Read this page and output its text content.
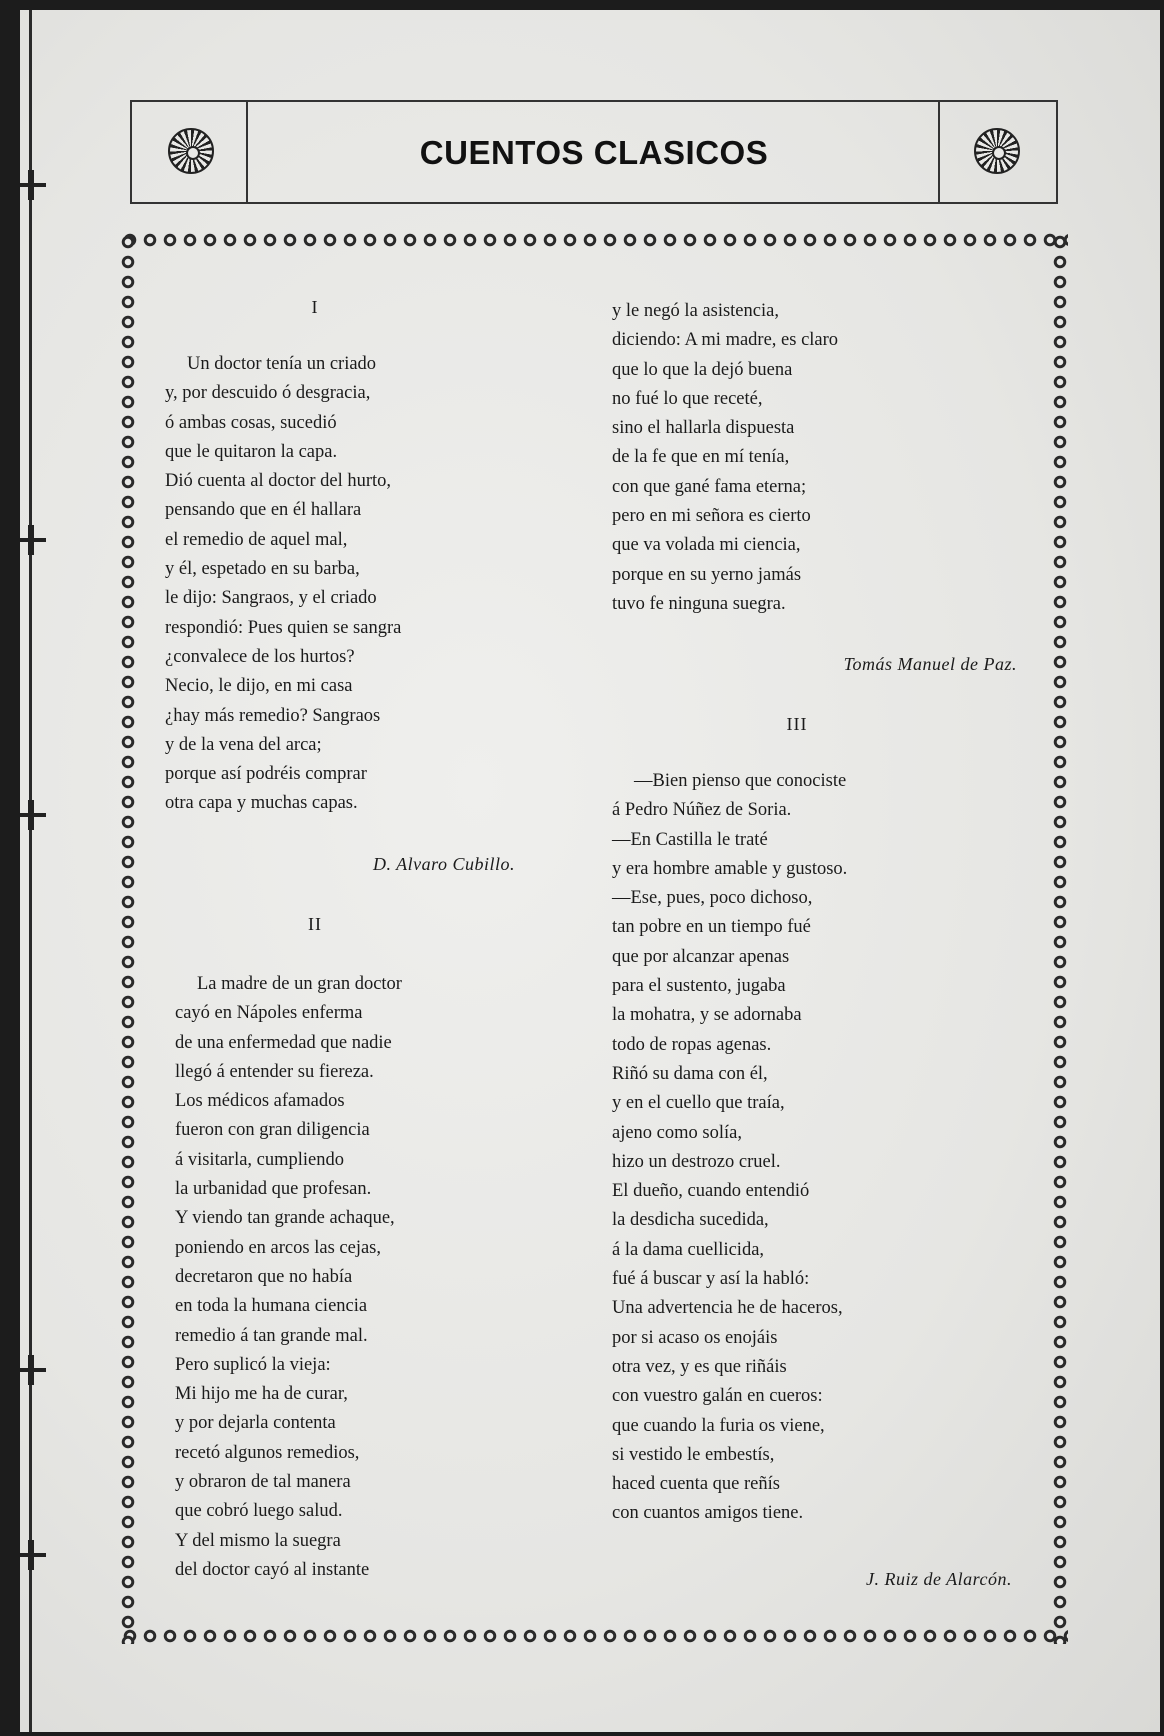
CUENTOS CLASICOS
I
Un doctor tenía un criado
y, por descuido ó desgracia,
ó ambas cosas, sucedió
que le quitaron la capa.
Dió cuenta al doctor del hurto,
pensando que en él hallara
el remedio de aquel mal,
y él, espetado en su barba,
le dijo: Sangraos, y el criado
respondió: Pues quien se sangra
¿convalece de los hurtos?
Necio, le dijo, en mi casa
¿hay más remedio? Sangraos
y de la vena del arca;
porque así podréis comprar
otra capa y muchas capas.
D. Alvaro Cubillo.
II
La madre de un gran doctor
cayó en Nápoles enferma
de una enfermedad que nadie
llegó á entender su fiereza.
Los médicos afamados
fueron con gran diligencia
á visitarla, cumpliendo
la urbanidad que profesan.
Y viendo tan grande achaque,
poniendo en arcos las cejas,
decretaron que no había
en toda la humana ciencia
remedio á tan grande mal.
Pero suplicó la vieja:
Mi hijo me ha de curar,
y por dejarla contenta
recetó algunos remedios,
y obraron de tal manera
que cobró luego salud.
Y del mismo la suegra
del doctor cayó al instante
y le negó la asistencia,
diciendo: A mi madre, es claro
que lo que la dejó buena
no fué lo que receté,
sino el hallarla dispuesta
de la fe que en mí tenía,
con que gané fama eterna;
pero en mi señora es cierto
que va volada mi ciencia,
porque en su yerno jamás
tuvo fe ninguna suegra.
Tomás Manuel de Paz.
III
—Bien pienso que conociste
á Pedro Núñez de Soria.
—En Castilla le traté
y era hombre amable y gustoso.
—Ese, pues, poco dichoso,
tan pobre en un tiempo fué
que por alcanzar apenas
para el sustento, jugaba
la mohatra, y se adornaba
todo de ropas agenas.
Riñó su dama con él,
y en el cuello que traía,
ajeno como solía,
hizo un destrozo cruel.
El dueño, cuando entendió
la desdicha sucedida,
á la dama cuellicida,
fué á buscar y así la habló:
Una advertencia he de haceros,
por si acaso os enojáis
otra vez, y es que riñáis
con vuestro galán en cueros:
que cuando la furia os viene,
si vestido le embestís,
haced cuenta que reñís
con cuantos amigos tiene.
J. Ruiz de Alarcón.
